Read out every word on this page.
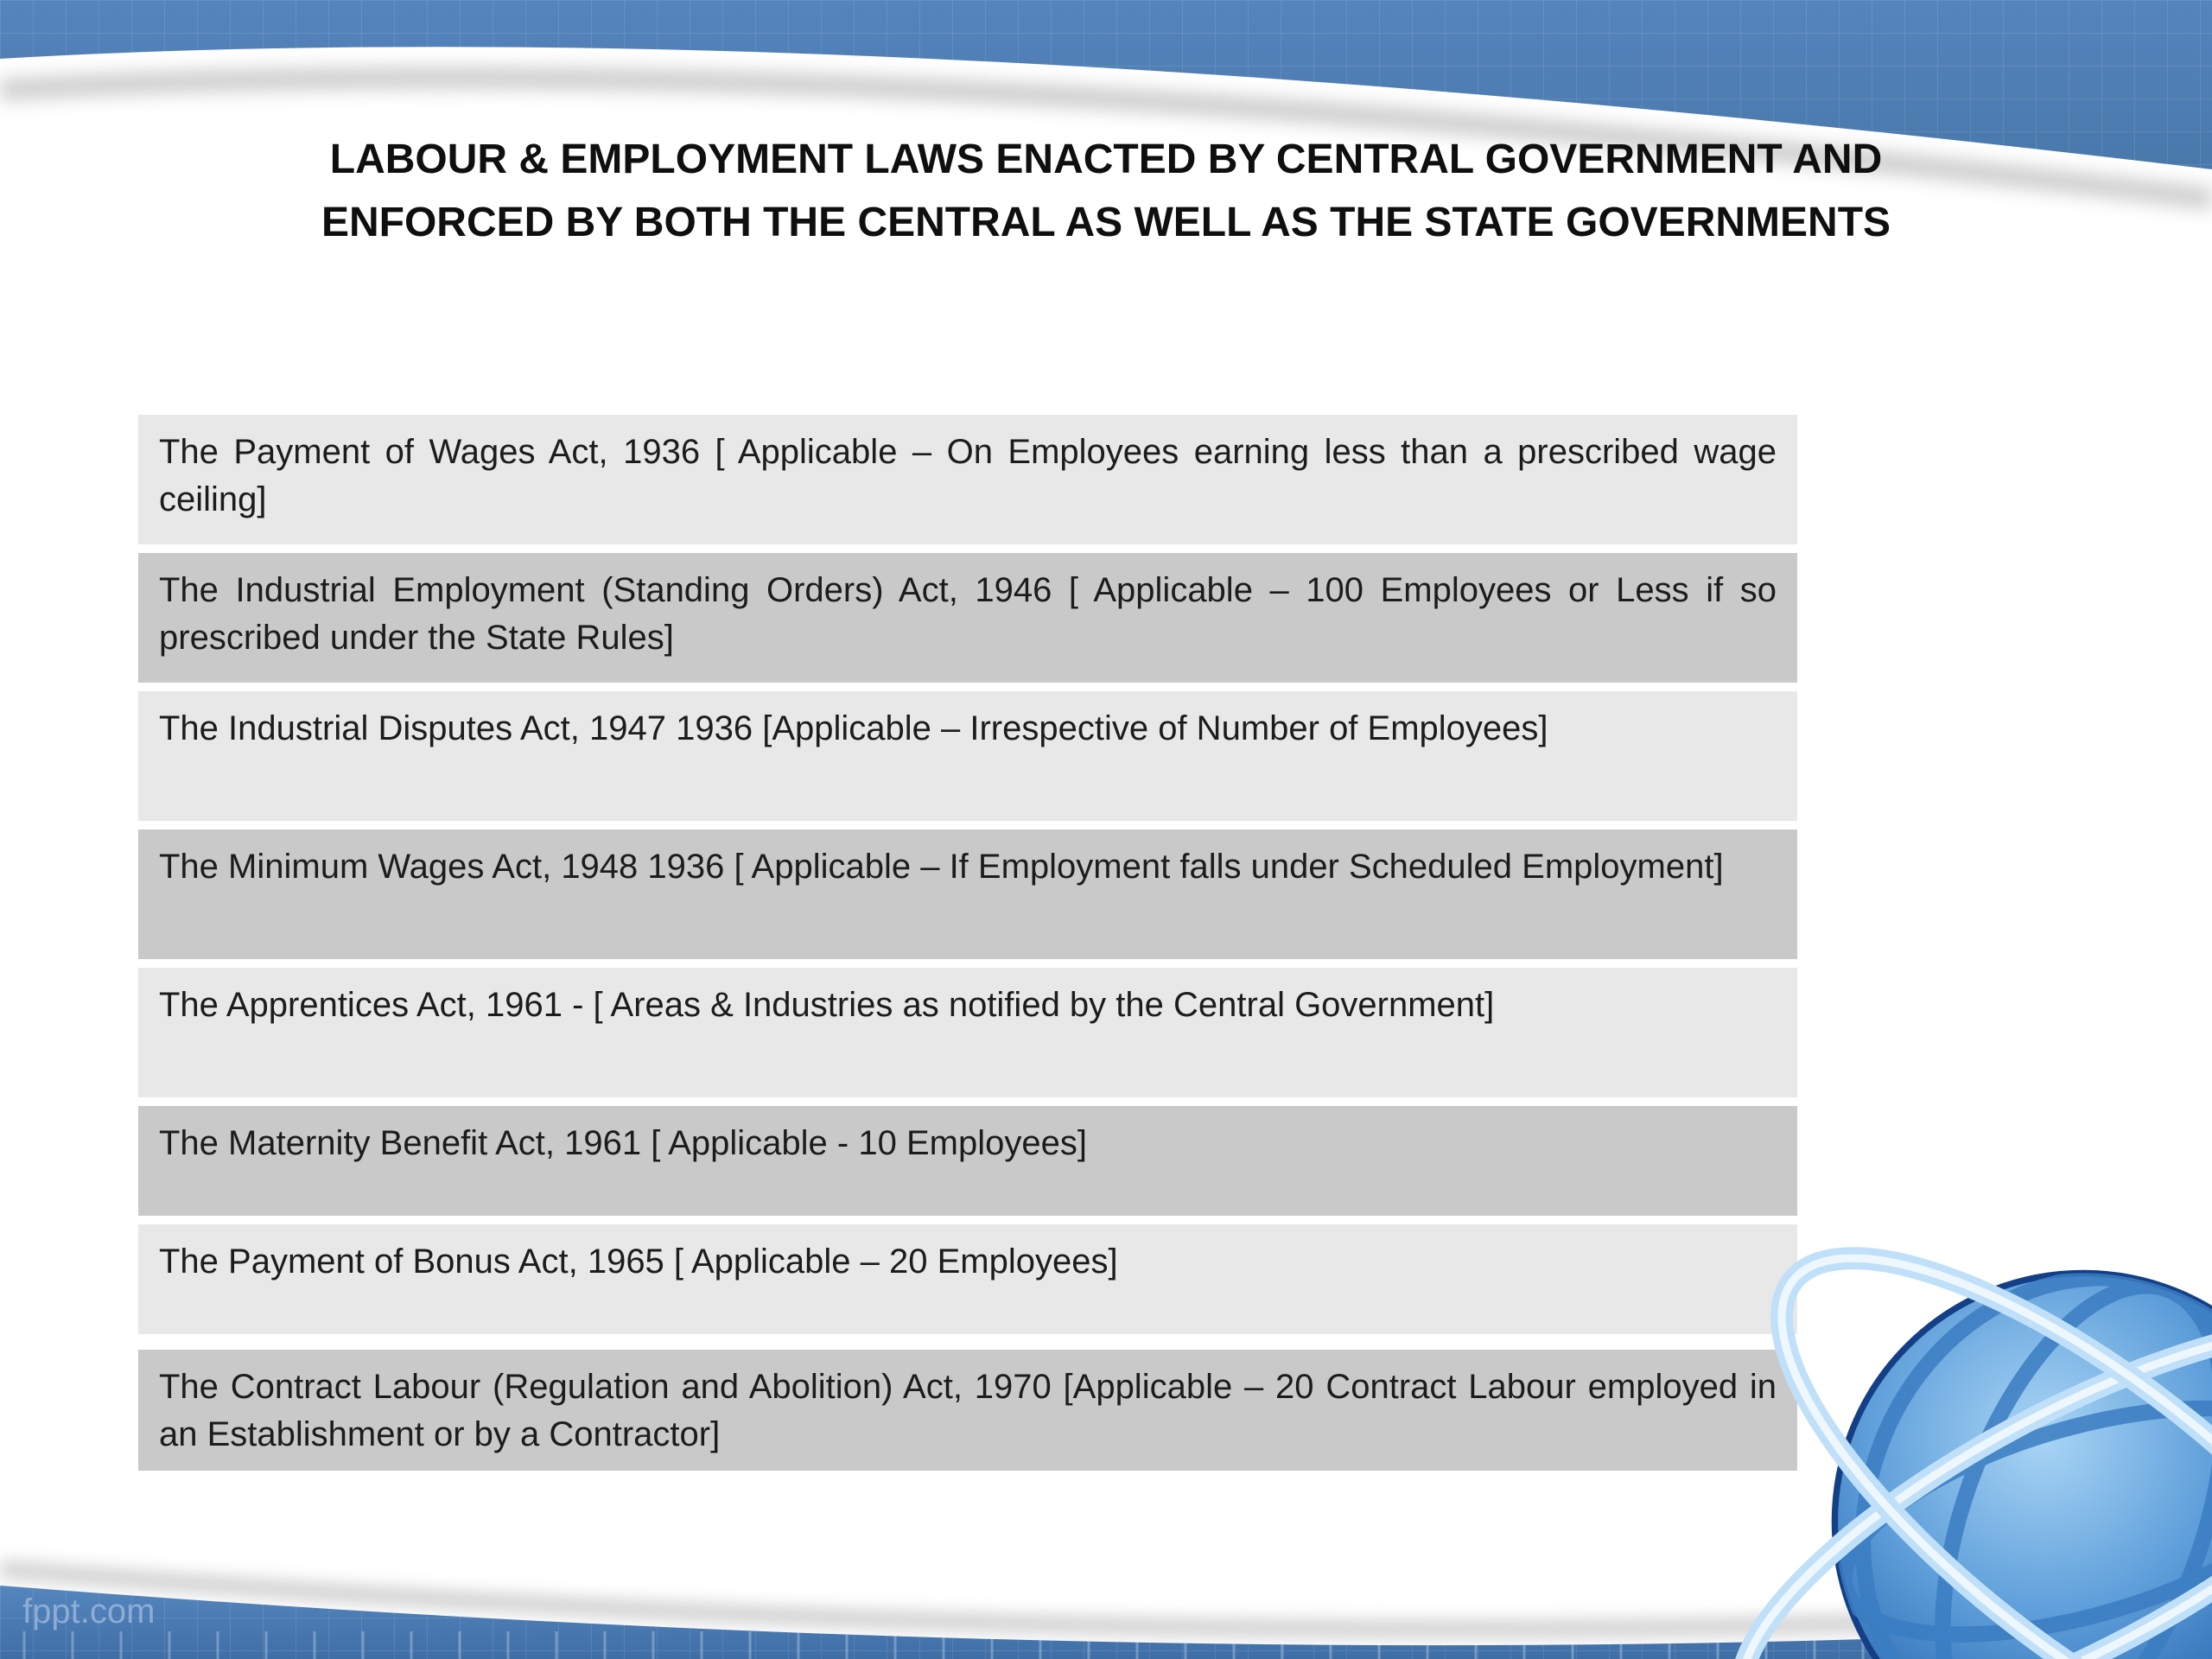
LABOUR & EMPLOYMENT LAWS ENACTED BY CENTRAL GOVERNMENT AND
ENFORCED BY BOTH THE CENTRAL AS WELL AS THE STATE GOVERNMENTS
The Payment of Wages Act, 1936 [ Applicable – On Employees earning less than a prescribed wage ceiling]
The Industrial Employment (Standing Orders) Act, 1946 [ Applicable – 100 Employees or Less if so prescribed under the State Rules]
The Industrial Disputes Act, 1947 1936 [Applicable – Irrespective of Number of Employees]
The Minimum Wages Act, 1948 1936 [ Applicable – If Employment falls under Scheduled Employment]
The Apprentices Act, 1961 - [ Areas & Industries as notified by the Central Government]
The Maternity Benefit Act, 1961 [ Applicable - 10 Employees]
The Payment of Bonus Act, 1965 [ Applicable – 20 Employees]
The Contract Labour (Regulation and Abolition) Act, 1970 [Applicable – 20 Contract Labour employed in an Establishment or by a Contractor]
fppt.com
